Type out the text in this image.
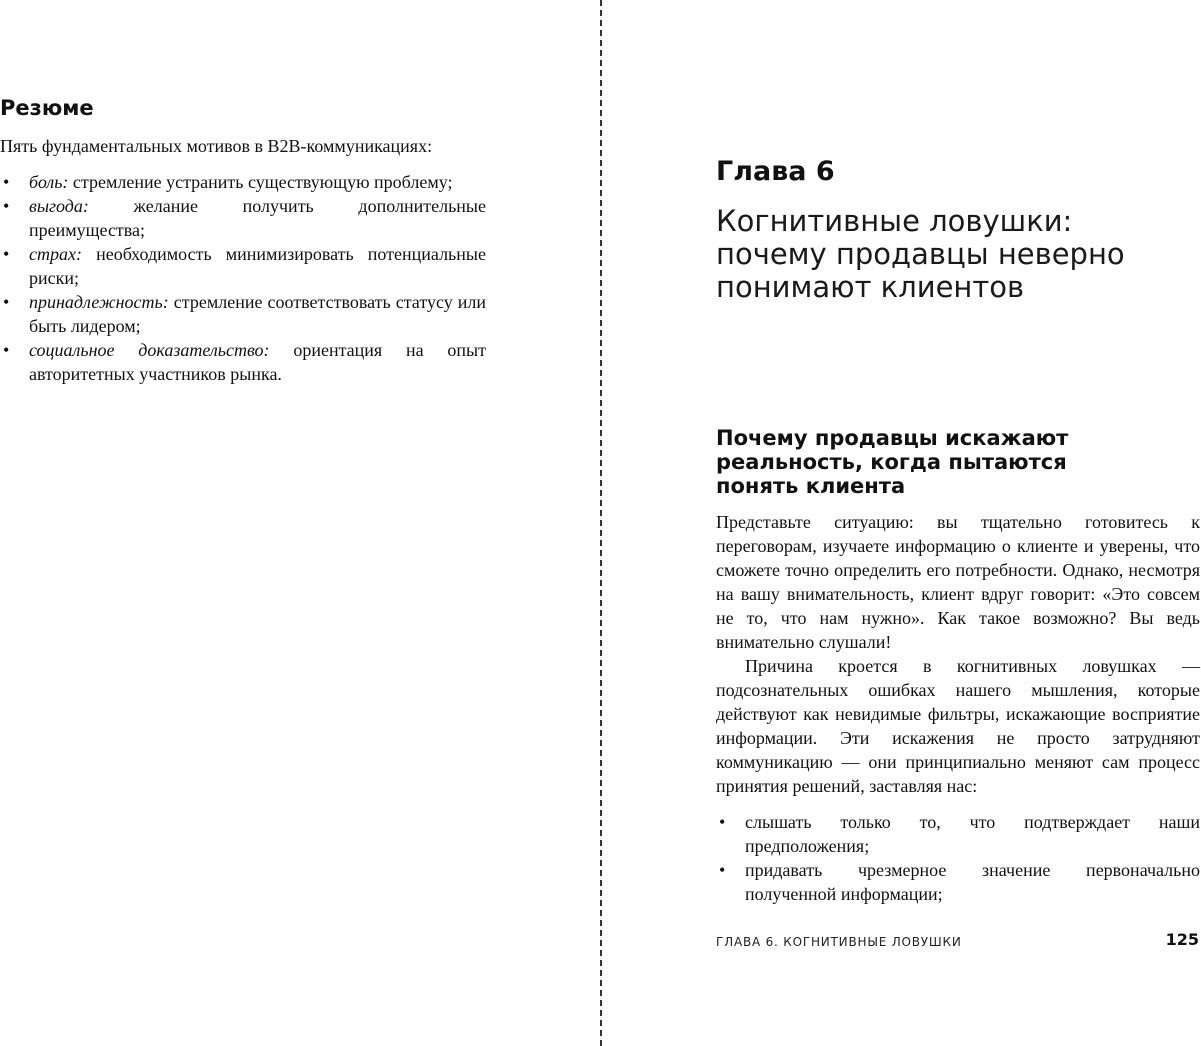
Резюме

Пять фундаментальных мотивов в B2B-коммуникациях:

• боль: стремление устранить существующую проблему;
• выгода: желание получить дополнительные преимущества;
• страх: необходимость минимизировать потенциальные риски;
• принадлежность: стремление соответствовать статусу или быть лидером;
• социальное доказательство: ориентация на опыт авторитетных участников рынка.
Глава 6
Когнитивные ловушки: почему продавцы неверно понимают клиентов
Почему продавцы искажают реальность, когда пытаются понять клиента

Представьте ситуацию: вы тщательно готовитесь к переговорам, изучаете информацию о клиенте и уверены, что сможете точно определить его потребности. Однако, несмотря на вашу внимательность, клиент вдруг говорит: «Это совсем не то, что нам нужно». Как такое возможно? Вы ведь внимательно слушали!

Причина кроется в когнитивных ловушках — подсознательных ошибках нашего мышления, которые действуют как невидимые фильтры, искажающие восприятие информации. Эти искажения не просто затрудняют коммуникацию — они принципиально меняют сам процесс принятия решений, заставляя нас:

• слышать только то, что подтверждает наши предположения;
• придавать чрезмерное значение первоначально полученной информации;

ГЛАВА 6. КОГНИТИВНЫЕ ЛОВУШКИ	125
